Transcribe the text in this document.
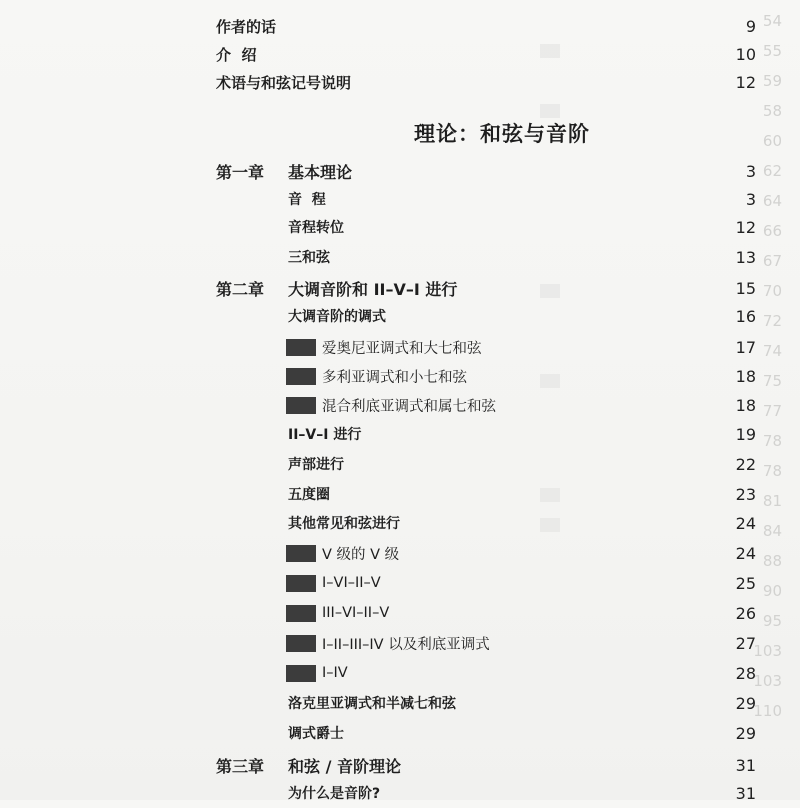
54
55
59
58
60
62
64
66
67
70
72
74
75
77
78
78
81
84
88
90
95
103
103
110
作者的话	9
介  绍	10
术语与和弦记号说明	12
理论：和弦与音阶
第一章 基本理论	3
音  程	3
音程转位	12
三和弦	13
第二章 大调音阶和 II–V–I 进行	15
大调音阶的调式	16
爱奥尼亚调式和大七和弦	17
多利亚调式和小七和弦	18
混合利底亚调式和属七和弦	18
II–V–I 进行	19
声部进行	22
五度圈	23
其他常见和弦进行	24
V 级的 V 级	24
I–VI–II–V	25
III–VI–II–V	26
I–II–III–IV 以及利底亚调式	27
I–IV	28
洛克里亚调式和半减七和弦	29
调式爵士	29
第三章 和弦 / 音阶理论	31
为什么是音阶?	31
